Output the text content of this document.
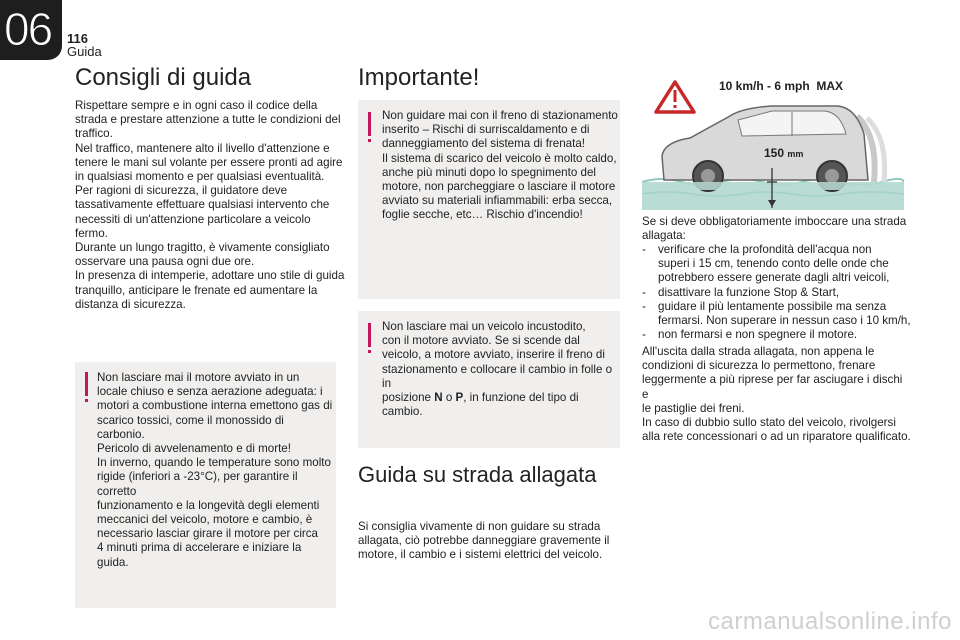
06 116
Guida
Consigli di guida
Rispettare sempre e in ogni caso il codice della
strada e prestare attenzione a tutte le condizioni del
traffico.
Nel traffico, mantenere alto il livello d'attenzione e
tenere le mani sul volante per essere pronti ad agire
in qualsiasi momento e per qualsiasi eventualità.
Per ragioni di sicurezza, il guidatore deve
tassativamente effettuare qualsiasi intervento che
necessiti di un'attenzione particolare a veicolo fermo.
Durante un lungo tragitto, è vivamente consigliato
osservare una pausa ogni due ore.
In presenza di intemperie, adottare uno stile di guida
tranquillo, anticipare le frenate ed aumentare la
distanza di sicurezza.
Non lasciare mai il motore avviato in un
locale chiuso e senza aerazione adeguata: i
motori a combustione interna emettono gas di
scarico tossici, come il monossido di carbonio.
Pericolo di avvelenamento e di morte!
In inverno, quando le temperature sono molto
rigide (inferiori a -23°C), per garantire il corretto
funzionamento e la longevità degli elementi
meccanici del veicolo, motore e cambio, è
necessario lasciar girare il motore per circa
4 minuti prima di accelerare e iniziare la guida.
Importante!
Non guidare mai con il freno di stazionamento
inserito – Rischi di surriscaldamento e di
danneggiamento del sistema di frenata!
Il sistema di scarico del veicolo è molto caldo,
anche più minuti dopo lo spegnimento del
motore, non parcheggiare o lasciare il motore
avviato su materiali infiammabili: erba secca,
foglie secche, etc… Rischio d'incendio!
Non lasciare mai un veicolo incustodito,
con il motore avviato. Se si scende dal
veicolo, a motore avviato, inserire il freno di
stazionamento e collocare il cambio in folle o in
posizione N o P, in funzione del tipo di cambio.
Guida su strada allagata
Si consiglia vivamente di non guidare su strada
allagata, ciò potrebbe danneggiare gravemente il
motore, il cambio e i sistemi elettrici del veicolo.
10 km/h - 6 mph  MAX
150 mm
Se si deve obbligatoriamente imboccare una strada
allagata:
- verificare che la profondità dell'acqua non
superi i 15 cm, tenendo conto delle onde che
potrebbero essere generate dagli altri veicoli,
- disattivare la funzione Stop & Start,
- guidare il più lentamente possibile ma senza
fermarsi. Non superare in nessun caso i 10 km/h,
- non fermarsi e non spegnere il motore.
All'uscita dalla strada allagata, non appena le
condizioni di sicurezza lo permettono, frenare
leggermente a più riprese per far asciugare i dischi e
le pastiglie dei freni.
In caso di dubbio sullo stato del veicolo, rivolgersi
alla rete concessionari o ad un riparatore qualificato.
carmanualsonline.info
